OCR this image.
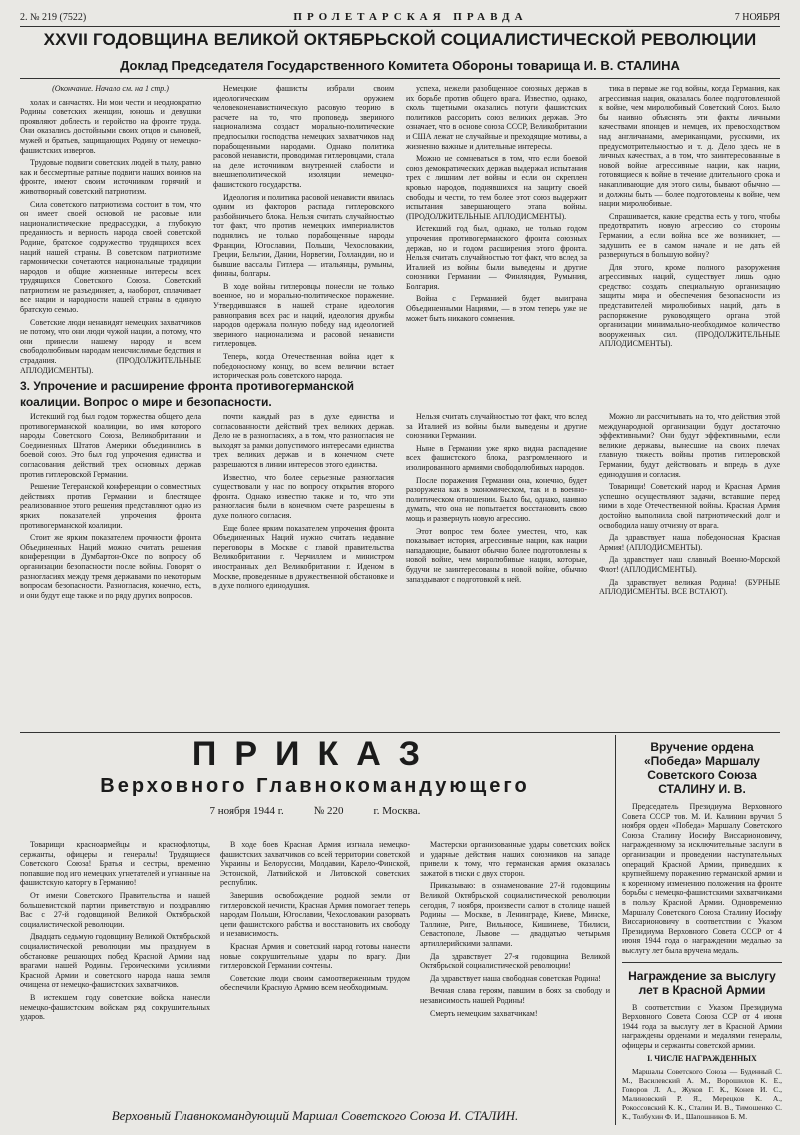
2. № 219 (7522)	ПРОЛЕТАРСКАЯ ПРАВДА	7 НОЯБРЯ
XXVII ГОДОВЩИНА ВЕЛИКОЙ ОКТЯБРЬСКОЙ СОЦИАЛИСТИЧЕСКОЙ РЕВОЛЮЦИИ
Доклад Председателя Государственного Комитета Обороны товарища И. В. СТАЛИНА

(Окончание. Начало см. на 1 стр.)

холах и санчастях. Ни мои чести и неоднократно Родины советских женщин, юношь и девушки проявляют доблесть и геройство на фронте труда. Они оказались достойными своих отцов и сыновей, мужей и братьев, защищающих Родину от немецко-фашистских извергов.

Трудовые подвиги советских людей в тылу, равно как и бессмертные ратные подвиги наших воинов на фронте, имеют своим источником горячий и животворный советский патриотизм.

Сила советского патриотизма состоит в том, что он имеет своей основой не расовые или националистические предрассудки, а глубокую преданность и верность народа своей советской Родине, братское содружество трудящихся всех наций нашей страны. В советском патриотизме гармонически сочетаются национальные традиции народов и общие жизненные интересы всех трудящихся Советского Союза. Советский патриотизм не разъединяет, а, наоборот, сплачивает все нации и народности нашей страны в единую братскую семью.

Советские люди ненавидят немецких захватчиков не потому, что они люди чужой нации, а потому, что они принесли нашему народу и всем свободолюбивым народам неисчислимые бедствия и страдания. (ПРОДОЛЖИТЕЛЬНЫЕ АПЛОДИСМЕНТЫ).

Немецкие фашисты избрали своим идеологическим оружием человеконенавистническую расовую теорию в расчете на то, что проповедь звериного национализма создаст морально-политические предпосылки господства немецких захватчиков над порабощенными народами. Однако политика расовой ненависти, проводимая гитлеровцами, стала на деле источником внутренней слабости и внешнеполитической изоляции немецко-фашистского государства.

Идеология и политика расовой ненависти явилась одним из факторов распада гитлеровского разбойничьего блока. Нельзя считать случайностью тот факт, что против немецких империалистов поднялись не только порабощенные народы Франции, Югославии, Польши, Чехословакии, Греции, Бельгии, Дании, Норвегии, Голландии, но и бывшие вассалы Гитлера — итальянцы, румыны, финны, болгары.

В ходе войны гитлеровцы понесли не только военное, но и морально-политическое поражение. Утвердившаяся в нашей стране идеология равноправия всех рас и наций, идеология дружбы народов одержала полную победу над идеологией звериного национализма и расовой ненависти гитлеровцев.

Теперь, когда Отечественная война идет к победоносному концу, во всем величии встает историческая роль советского народа.

успеха, нежели разобщенное союзных держав в их борьбе против общего врага. Известно, однако, сколь тщетными оказались потуги фашистских политиков рассорить союз великих держав. Это означает, что в основе союза СССР, Великобритании и США лежат не случайные и преходящие мотивы, а жизненно важные и длительные интересы.

Можно не сомневаться в том, что если боевой союз демократических держав выдержал испытания трех с лишним лет войны и если он скреплен кровью народов, поднявшихся на защиту своей свободы и чести, то тем более этот союз выдержит испытания завершающего этапа войны. (ПРОДОЛЖИТЕЛЬНЫЕ АПЛОДИСМЕНТЫ).

Истекший год был, однако, не только годом упрочения противогерманского фронта союзных держав, но и годом расширения этого фронта. Нельзя считать случайностью тот факт, что вслед за Италией из войны были выведены и другие союзники Германии — Финляндия, Румыния, Болгария.

Война с Германией будет выиграна Объединенными Нациями, — в этом теперь уже не может быть никакого сомнения.

тика в первые же год войны, когда Германия, как агрессивная нация, оказалась более подготовленной к войне, чем миролюбивый Советский Союз. Было бы наивно объяснять эти факты личными качествами японцев и немцев, их превосходством над англичанами, американцами, русскими, их предусмотрительностью и т. д. Дело здесь не в личных качествах, а в том, что заинтересованные в новой войне агрессивные нации, как нации, готовящиеся к войне в течение длительного срока и накапливающие для этого силы, бывают обычно — и должны быть — более подготовлены к войне, чем нации миролюбивые.

Спрашивается, какие средства есть у того, чтобы предотвратить новую агрессию со стороны Германии, а если война все же возникнет, — задушить ее в самом начале и не дать ей развернуться в большую войну?

Для этого, кроме полного разоружения агрессивных наций, существует лишь одно средство: создать специальную организацию защиты мира и обеспечения безопасности из представителей миролюбивых наций, дать в распоряжение руководящего органа этой организации минимально-необходимое количество вооруженных сил. (ПРОДОЛЖИТЕЛЬНЫЕ АПЛОДИСМЕНТЫ).

3. Упрочение и расширение фронта противогерманской коалиции. Вопрос о мире и безопасности.

Истекший год был годом торжества общего дела противогерманской коалиции, во имя которого народы Советского Союза, Великобритании и Соединенных Штатов Америки объединились в боевой союз. Это был год упрочения единства и согласования действий трех основных держав против гитлеровской Германии.

Решение Тегеранской конференции о совместных действиях против Германии и блестящее реализованное этого решения представляют одно из ярких показателей упрочения фронта противогерманской коалиции.

Стоит же ярким показателем прочности фронта Объединенных Наций можно считать решения конференции в Думбартон-Оксе по вопросу об организации безопасности после войны. Говорят о разногласиях между тремя державами по некоторым вопросам безопасности. Разногласия, конечно, есть, и они будут еще также и по ряду других вопросов.

почти каждый раз в духе единства и согласованности действий трех великих держав. Дело не в разногласиях, а в том, что разногласия не выходят за рамки допустимого интересами единства трех великих держав и в конечном счете разрешаются в линии интересов этого единства.

Известно, что более серьезные разногласия существовали у нас по вопросу открытия второго фронта. Однако известно также и то, что эти разногласия были в конечном счете разрешены в духе полного согласия.

Еще более ярким показателем упрочения фронта Объединенных Наций нужно считать недавние переговоры в Москве с главой правительства Великобритании г. Черчиллем и министром иностранных дел Великобритании г. Иденом в Москве, проведенные в дружественной обстановке и в духе полного единодушия.

Нельзя считать случайностью тот факт, что вслед за Италией из войны были выведены и другие союзники Германии.

Ныне в Германии уже ярко видна распадение всех фашистского блока, разгромленного и изолированного армиями свободолюбивых народов.

После поражения Германии она, конечно, будет разоружена как в экономическом, так и в военно-политическом отношении. Было бы, однако, наивно думать, что она не попытается восстановить свою мощь и развернуть новую агрессию.

Этот вопрос тем более уместен, что, как показывает история, агрессивные нации, как нации нападающие, бывают обычно более подготовлены к новой войне, чем миролюбивые нации, которые, будучи не заинтересованы в новой войне, обычно запаздывают с подготовкой к ней.

Можно ли рассчитывать на то, что действия этой международной организации будут достаточно эффективными? Они будут эффективными, если великие державы, вынесшие на своих плечах главную тяжесть войны против гитлеровской Германии, будут действовать и впредь в духе единодушия и согласия.

Товарищи! Советский народ и Красная Армия успешно осуществляют задачи, вставшие перед ними в ходе Отечественной войны. Красная Армия достойно выполнила свой патриотический долг и освободила нашу отчизну от врага.

Да здравствует наша победоносная Красная Армия! (АПЛОДИСМЕНТЫ).

Да здравствует наш славный Военно-Морской Флот! (АПЛОДИСМЕНТЫ).

Да здравствует великая Родина! (БУРНЫЕ АПЛОДИСМЕНТЫ. ВСЕ ВСТАЮТ).

ПРИКАЗ
Верховного Главнокомандующего
7 ноября 1944 г.	№ 220	г. Москва.

Товарищи красноармейцы и краснофлотцы, сержанты, офицеры и генералы! Трудящиеся Советского Союза! Братья и сестры, временно попавшие под иго немецких угнетателей и угнанные на фашистскую каторгу в Германию!

От имени Советского Правительства и нашей большевистской партии приветствую и поздравляю Вас с 27-й годовщиной Великой Октябрьской социалистической революции.

Двадцать седьмую годовщину Великой Октябрьской социалистической революции мы празднуем в обстановке решающих побед Красной Армии над врагами нашей Родины. Героическими усилиями Красной Армии и советского народа наша земля очищена от немецко-фашистских захватчиков.

В истекшем году советские войска нанесли немецко-фашистским войскам ряд сокрушительных ударов.

В ходе боев Красная Армия изгнала немецко-фашистских захватчиков со всей территории советской Украины и Белоруссии, Молдавии, Карело-Финской, Эстонской, Латвийской и Литовской советских республик.

Завершив освобождение родной земли от гитлеровской нечисти, Красная Армия помогает теперь народам Польши, Югославии, Чехословакии разорвать цепи фашистского рабства и восстановить их свободу и независимость.

Красная Армия и советский народ готовы нанести новые сокрушительные удары по врагу. Дни гитлеровской Германии сочтены.

Советские люди своим самоотверженным трудом обеспечили Красную Армию всем необходимым.

Мастерски организованные удары советских войск и ударные действия наших союзников на западе привели к тому, что германская армия оказалась зажатой в тиски с двух сторон.

Приказываю: в ознаменование 27-й годовщины Великой Октябрьской социалистической революции сегодня, 7 ноября, произвести салют в столице нашей Родины — Москве, в Ленинграде, Киеве, Минске, Таллине, Риге, Вильнюсе, Кишиневе, Тбилиси, Севастополе, Львове — двадцатью четырьмя артиллерийскими залпами.

Да здравствует 27-я годовщина Великой Октябрьской социалистической революции!

Да здравствует наша свободная советская Родина!

Вечная слава героям, павшим в боях за свободу и независимость нашей Родины!

Смерть немецким захватчикам!

Верховный Главнокомандующий Маршал Советского Союза И. СТАЛИН.
Вручение ордена «Победа» Маршалу Советского Союза СТАЛИНУ И. В.

Председатель Президиума Верховного Совета СССР тов. М. И. Калинин вручил 5 ноября орден «Победа» Маршалу Советского Союза Сталину Иосифу Виссарионовичу, награжденному за исключительные заслуги в организации и проведении наступательных операций Красной Армии, приведших к крупнейшему поражению германской армии и к коренному изменению положения на фронте борьбы с немецко-фашистскими захватчиками в пользу Красной Армии. Одновременно Маршалу Советского Союза Сталину Иосифу Виссарионовичу в соответствии с Указом Президиума Верховного Совета СССР от 4 июня 1944 года о награждении медалью за выслугу лет была вручена медаль.

Награждение за выслугу лет в Красной Армии

В соответствии с Указом Президиума Верховного Совета Союза ССР от 4 июня 1944 года за выслугу лет в Красной Армии награждены орденами и медалями генералы, офицеры и сержанты советской армии.

I. ЧИСЛЕ НАГРАЖДЕННЫХ

Маршалы Советского Союза — Буденный С. М., Василевский А. М., Ворошилов К. Е., Говоров Л. А., Жуков Г. К., Конев И. С., Малиновский Р. Я., Мерецков К. А., Рокоссовский К. К., Сталин И. В., Тимошенко С. К., Толбухин Ф. И., Шапошников Б. М.
